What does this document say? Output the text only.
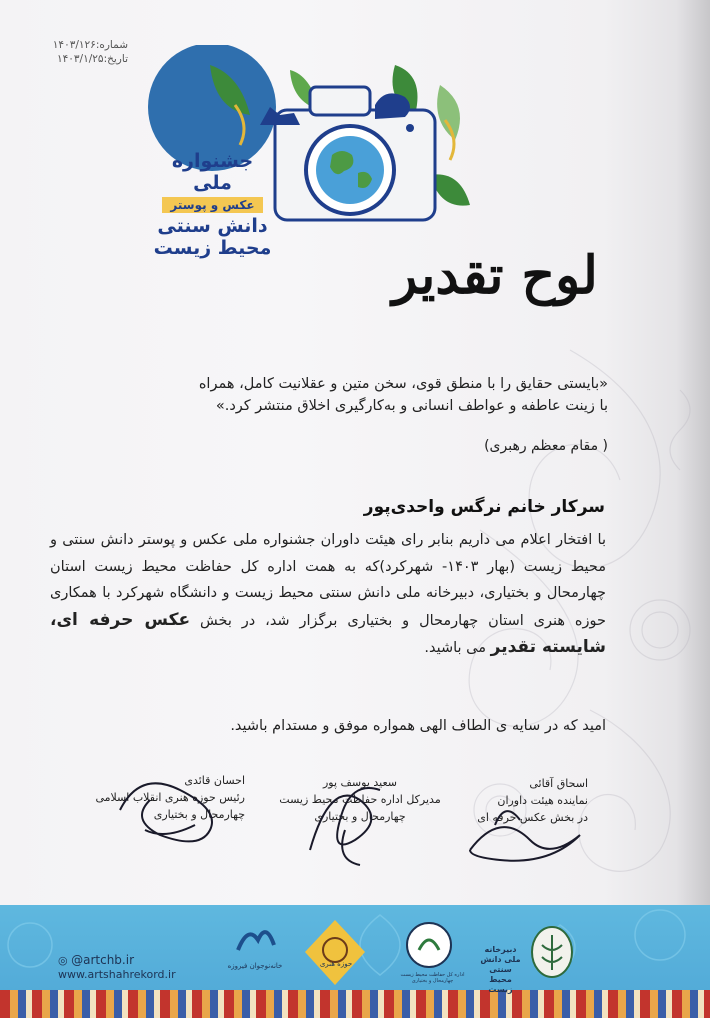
شماره:۱۴۰۳/۱۲۶
تاریخ:۱۴۰۳/۱/۲۵
جشنواره ملی
عکس و پوستر
دانش سنتی
محیط زیست لوح تقدیر
«بایستی حقایق را با منطق قوی، سخن متین و عقلانیت کامل، همراه
با زینت عاطفه و عواطف انسانی و به‌کارگیری اخلاق منتشر کرد.»
( مقام معظم رهبری)
سرکار خانم نرگس واحدی‌پور
با افتخار اعلام می داریم بنابر رای هیئت داوران جشنواره ملی عکس و پوستر دانش سنتی و محیط زیست (بهار ۱۴۰۳- شهرکرد)که به همت اداره کل حفاظت محیط زیست استان چهارمحال و بختیاری، دبیرخانه ملی دانش سنتی محیط زیست و دانشگاه شهرکرد با همکاری حوزه هنری استان چهارمحال و بختیاری برگزار شد، در بخش عکس حرفه ای، شایسته تقدیر می باشید.
امید که در سایه ی الطاف الهی همواره موفق و مستدام باشید.
اسحاق آقائی
نماینده هیئت داوران
در بخش عکس حرفه ای
سعید یوسف پور
مدیرکل اداره حفاظت محیط زیست
چهارمحال و بختیاری
احسان قائدی
رئیس حوزه هنری انقلاب اسلامی
چهارمحال و بختیاری
◎ @artchb.ir
www.artshahrekord.ir
خانه‌نوجوان فیروزه	حوزه هنری
اداره کل حفاظت محیط زیست چهارمحال و بختیاری
دبیرخانه ملی دانش سنتی محیط زیست
